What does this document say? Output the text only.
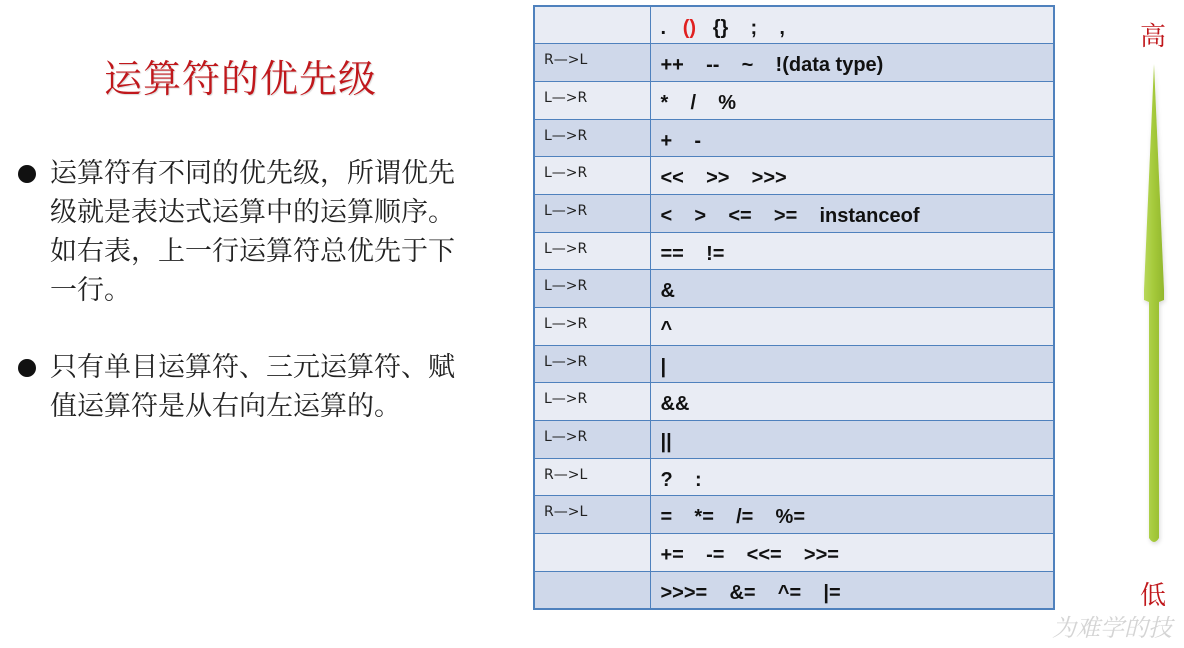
运算符的优先级
运算符有不同的优先级，所谓优先级就是表达式运算中的运算顺序。如右表，上一行运算符总优先于下一行。
只有单目运算符、三元运算符、赋值运算符是从右向左运算的。
	.   ()   {}    ;    ,
R—>L	++    --    ~    !(data type)
L—>R	*    /    %
L—>R	+    -
L—>R	<<    >>    >>>
L—>R	<    >    <=    >=    instanceof
L—>R	==    !=
L—>R	&
L—>R	^
L—>R	|
L—>R	&&
L—>R	||
R—>L	?    :
R—>L	=    *=    /=    %=
	+=    -=    <<=    >>=
	>>>=    &=    ^=    |=
高
低
为难学的技
